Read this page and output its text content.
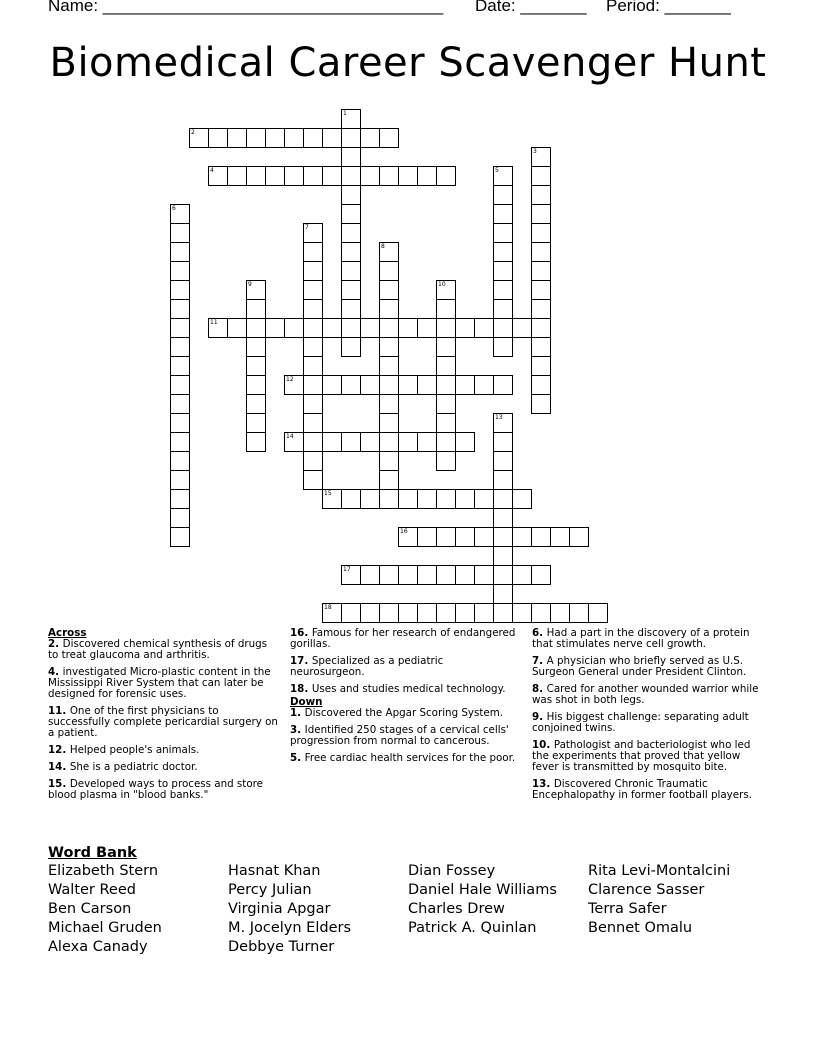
Name: ____________________________________

Date: _______

Period: _______

Biomedical Career Scavenger Hunt
1
2
3
4	5
6
7
8
9	10
11
12
13
14
15
16
17
18
Across
2. Discovered chemical synthesis of drugs to treat glaucoma and arthritis.
4. investigated Micro-plastic content in the Mississippi River System that can later be designed for forensic uses.
11. One of the first physicians to successfully complete pericardial surgery on a patient.
12. Helped people's animals.
14. She is a pediatric doctor.
15. Developed ways to process and store blood plasma in "blood banks."
16. Famous for her research of endangered gorillas.
17. Specialized as a pediatric neurosurgeon.
18. Uses and studies medical technology.
Down
1. Discovered the Apgar Scoring System.
3. Identified 250 stages of a cervical cells' progression from normal to cancerous.
5. Free cardiac health services for the poor.
6. Had a part in the discovery of a protein that stimulates nerve cell growth.
7. A physician who briefly served as U.S. Surgeon General under President Clinton.
8. Cared for another wounded warrior while was shot in both legs.
9. His biggest challenge: separating adult conjoined twins.
10. Pathologist and bacteriologist who led the experiments that proved that yellow fever is transmitted by mosquito bite.
13. Discovered Chronic Traumatic Encephalopathy in former football players.
Word Bank
Elizabeth Stern
Walter Reed
Ben Carson
Michael Gruden
Alexa Canady
Hasnat Khan
Percy Julian
Virginia Apgar
M. Jocelyn Elders
Debbye Turner
Dian Fossey
Daniel Hale Williams
Charles Drew
Patrick A. Quinlan
Rita Levi-Montalcini
Clarence Sasser
Terra Safer
Bennet Omalu
